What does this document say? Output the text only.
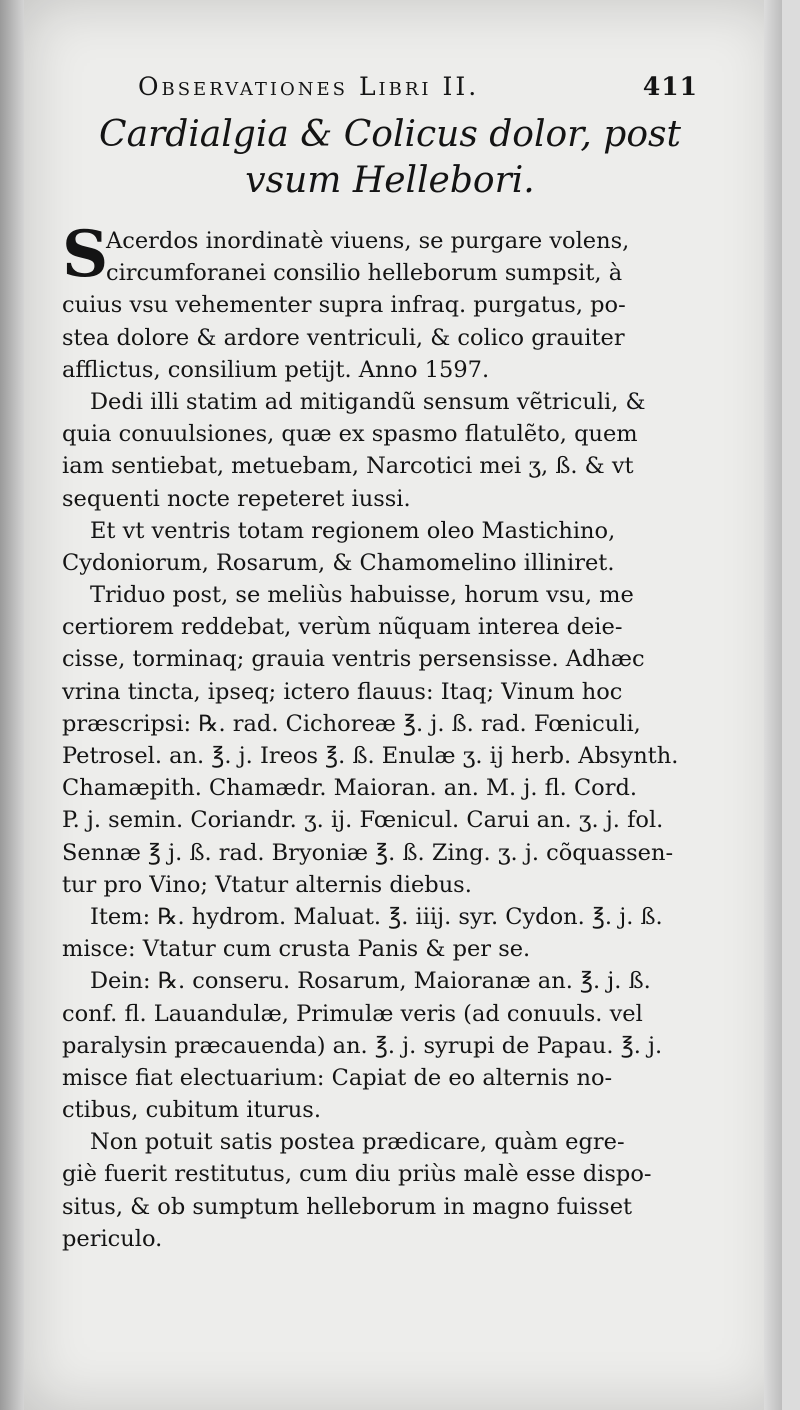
Observationes Libri II.	411
Cardialgia & Colicus dolor, post
vsum Hellebori.
S
Acerdos inordinatè viuens, se purgare volens,
circumforanei consilio helleborum sumpsit, à
cuius vsu vehementer supra infraq. purgatus, po-
stea dolore & ardore ventriculi, & colico grauiter
afflictus, consilium petijt. Anno 1597.
Dedi illi statim ad mitigandũ sensum vẽtriculi, &
quia conuulsiones, quæ ex spasmo flatulẽto, quem
iam sentiebat, metuebam, Narcotici mei ʒ, ß. & vt
sequenti nocte repeteret iussi.
Et vt ventris totam regionem oleo Mastichino,
Cydoniorum, Rosarum, & Chamomelino illiniret.
Triduo post, se meliùs habuisse, horum vsu, me
certiorem reddebat, verùm nũquam interea deie-
cisse, torminaq; grauia ventris persensisse. Adhæc
vrina tincta, ipseq; ictero flauus: Itaq; Vinum hoc
præscripsi: ℞. rad. Cichoreæ ℥. j. ß. rad. Fœniculi,
Petrosel. an. ℥. j. Ireos ℥. ß. Enulæ ʒ. ij herb. Absynth.
Chamæpith. Chamædr. Maioran. an. M. j. fl. Cord.
P. j. semin. Coriandr. ʒ. ij. Fœnicul. Carui an. ʒ. j. fol.
Sennæ ℥ j. ß. rad. Bryoniæ ℥. ß. Zing. ʒ. j. cõquassen-
tur pro Vino; Vtatur alternis diebus.
Item: ℞. hydrom. Maluat. ℥. iiij. syr. Cydon. ℥. j. ß.
misce: Vtatur cum crusta Panis & per se.
Dein: ℞. conseru. Rosarum, Maioranæ an. ℥. j. ß.
conf. fl. Lauandulæ, Primulæ veris (ad conuuls. vel
paralysin præcauenda) an. ℥. j. syrupi de Papau. ℥. j.
misce fiat electuarium: Capiat de eo alternis no-
ctibus, cubitum iturus.
Non potuit satis postea prædicare, quàm egre-
giè fuerit restitutus, cum diu priùs malè esse dispo-
situs, & ob sumptum helleborum in magno fuisset
periculo.
